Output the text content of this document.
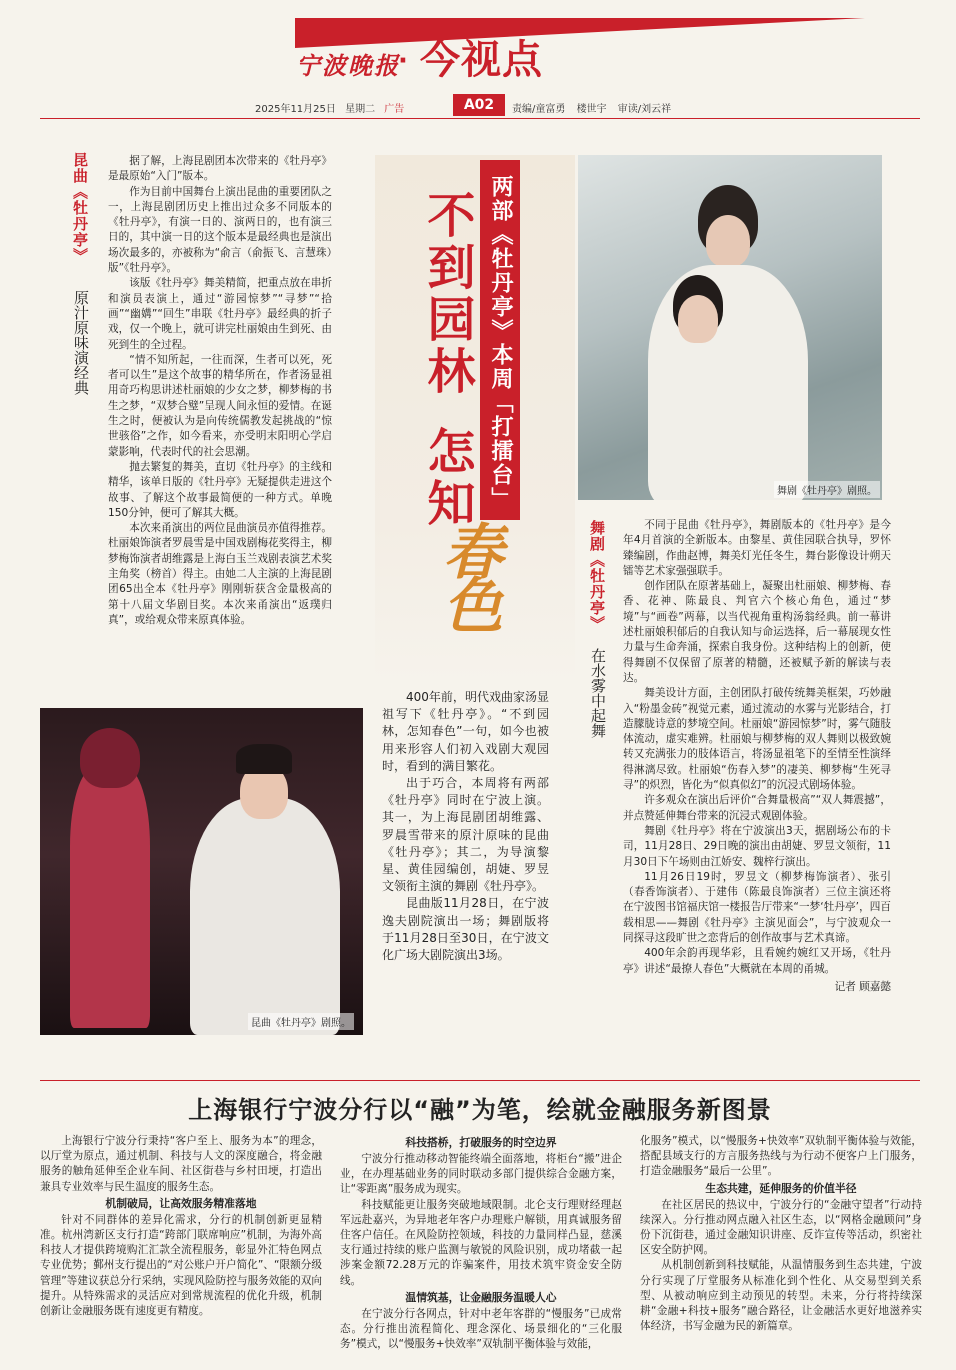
宁波晚报
· 今视点
2025年11月25日 星期二 广告	A02	责编/童富勇 楼世宇 审读/刘云祥
昆曲《牡丹亭》
原汁原味演经典

据了解，上海昆剧团本次带来的《牡丹亭》是最原始“入门”版本。

作为目前中国舞台上演出昆曲的重要团队之一，上海昆剧团历史上推出过众多不同版本的《牡丹亭》，有演一日的、演两日的，也有演三日的，其中演一日的这个版本是最经典也是演出场次最多的，亦被称为“俞言（俞振飞、言慧珠）版”《牡丹亭》。

该版《牡丹亭》舞美精简，把重点放在串折和演员表演上，通过“游园惊梦”“寻梦”“拾画”“幽媾”“回生”串联《牡丹亭》最经典的折子戏，仅一个晚上，就可讲完杜丽娘由生到死、由死到生的全过程。

“情不知所起，一往而深，生者可以死，死者可以生”是这个故事的精华所在，作者汤显祖用奇巧构思讲述杜丽娘的少女之梦，柳梦梅的书生之梦，“双梦合璧”呈现人间永恒的爱情。在诞生之时，便被认为是向传统儒教发起挑战的“惊世骇俗”之作，如今看来，亦受明末阳明心学启蒙影响，代表时代的社会思潮。

抛去繁复的舞美，直切《牡丹亭》的主线和精华，该单日版的《牡丹亭》无疑提供走进这个故事、了解这个故事最简便的一种方式。单晚150分钟，便可了解其大概。

本次来甬演出的两位昆曲演员亦值得推荐。杜丽娘饰演者罗晨雪是中国戏剧梅花奖得主，柳梦梅饰演者胡维露是上海白玉兰戏剧表演艺术奖主角奖（榜首）得主。由她二人主演的上海昆剧团65出全本《牡丹亭》刚刚斩获含金量极高的第十八届文华剧目奖。本次来甬演出“返璞归真”，或给观众带来原真体验。

两部《牡丹亭》本周「打擂台」
不到园林怎知
春色
舞剧《牡丹亭》剧照。
舞剧《牡丹亭》
在水雾中起舞

不同于昆曲《牡丹亭》，舞剧版本的《牡丹亭》是今年4月首演的全新版本。由黎星、黄佳园联合执导，罗怀臻编剧，作曲赵博，舞美灯光任冬生，舞台影像设计朔天镭等艺术家强强联手。

创作团队在原著基础上，凝聚出杜丽娘、柳梦梅、春香、花神、陈最良、判官六个核心角色，通过“梦境”与“画卷”两幕，以当代视角重构汤翁经典。前一幕讲述杜丽娘积郁后的自我认知与命运选择，后一幕展现女性力量与生命奔涌，探索自我身份。这种结构上的创新，使得舞剧不仅保留了原著的精髓，还被赋予新的解读与表达。

舞美设计方面，主创团队打破传统舞美框架，巧妙融入“粉墨金砖”视觉元素，通过流动的水雾与光影结合，打造朦胧诗意的梦境空间。杜丽娘“游园惊梦”时，雾气随肢体流动，虚实难辨。杜丽娘与柳梦梅的双人舞则以极致婉转又充满张力的肢体语言，将汤显祖笔下的至情至性演绎得淋漓尽致。杜丽娘“伤春入梦”的凄美、柳梦梅“生死寻寻”的炽烈，皆化为“似真似幻”的沉浸式剧场体验。

许多观众在演出后评价“合舞量极高”“双人舞震撼”，并点赞延伸舞台带来的沉浸式观剧体验。

舞剧《牡丹亭》将在宁波演出3天，据剧场公布的卡司，11月28日、29日晚的演出由胡婕、罗昱文领衔，11月30日下午场则由江娇安、魏梓行演出。

11月26日19时，罗昱文（柳梦梅饰演者）、张引（春香饰演者）、于建伟（陈最良饰演者）三位主演还将在宁波图书馆福庆馆一楼报告厅带来“一梦‘牡丹亭’，四百载相思——舞剧《牡丹亭》主演见面会”，与宁波观众一同探寻这段旷世之恋背后的创作故事与艺术真谛。

400年余韵再现华彩，且看婉约婉红又开场，《牡丹亭》讲述“最撩人春色”大概就在本周的甬城。

记者 顾嘉懿
昆曲《牡丹亭》剧照。

400年前，明代戏曲家汤显祖写下《牡丹亭》。“不到园林，怎知春色”一句，如今也被用来形容人们初入戏剧大观园时，看到的满目繁花。

出于巧合，本周将有两部《牡丹亭》同时在宁波上演。其一，为上海昆剧团胡维露、罗晨雪带来的原汁原味的昆曲《牡丹亭》；其二，为导演黎星、黄佳园编创，胡婕、罗昱文领衔主演的舞剧《牡丹亭》。

昆曲版11月28日，在宁波逸夫剧院演出一场；舞剧版将于11月28日至30日，在宁波文化广场大剧院演出3场。

上海银行宁波分行以“融”为笔，绘就金融服务新图景

上海银行宁波分行秉持“客户至上、服务为本”的理念，以厅堂为原点，通过机制、科技与人文的深度融合，将金融服务的触角延伸至企业车间、社区街巷与乡村田埂，打造出兼具专业效率与民生温度的服务生态。

机制破局，让高效服务精准落地

针对不同群体的差异化需求，分行的机制创新更显精准。杭州湾新区支行打造“跨部门联席响应”机制，为海外高科技人才提供跨境购汇汇款全流程服务，彰显外汇特色网点专业优势；鄞州支行提出的“对公账户开户简化”、“限额分级管理”等建议获总分行采纳，实现风险防控与服务效能的双向提升。从特殊需求的灵活应对到常规流程的优化升级，机制创新让金融服务既有速度更有精度。

科技搭桥，打破服务的时空边界

宁波分行推动移动智能终端全面落地，将柜台“搬”进企业，在办理基础业务的同时联动多部门提供综合金融方案，让“零距离”服务成为现实。

科技赋能更让服务突破地域限制。北仑支行理财经理赵军远赴嘉兴，为异地老年客户办理账户解锁，用真诚服务留住客户信任。在风险防控领域，科技的力量同样凸显，慈溪支行通过持续的账户监测与敏锐的风险识别，成功堵截一起涉案金额72.28万元的诈骗案件，用技术筑牢资金安全防线。

温情筑基，让金融服务温暖人心

在宁波分行各网点，针对中老年客群的“慢服务”已成常态。分行推出流程简化、理念深化、场景细化的“三化服务”模式，以“慢服务+快效率”双轨制平衡体验与效能，

化服务”模式，以“慢服务+快效率”双轨制平衡体验与效能，搭配县域支行的方言服务热线与为行动不便客户上门服务，打造金融服务“最后一公里”。

生态共建，延伸服务的价值半径

在社区居民的热议中，宁波分行的“金融守望者”行动持续深入。分行推动网点融入社区生态，以“网格金融顾问”身份下沉街巷，通过金融知识讲座、反诈宣传等活动，织密社区安全防护网。

从机制创新到科技赋能，从温情服务到生态共建，宁波分行实现了厅堂服务从标准化到个性化、从交易型到关系型、从被动响应到主动预见的转型。未来，分行将持续深耕“金融+科技+服务”融合路径，让金融活水更好地滋养实体经济，书写金融为民的新篇章。
